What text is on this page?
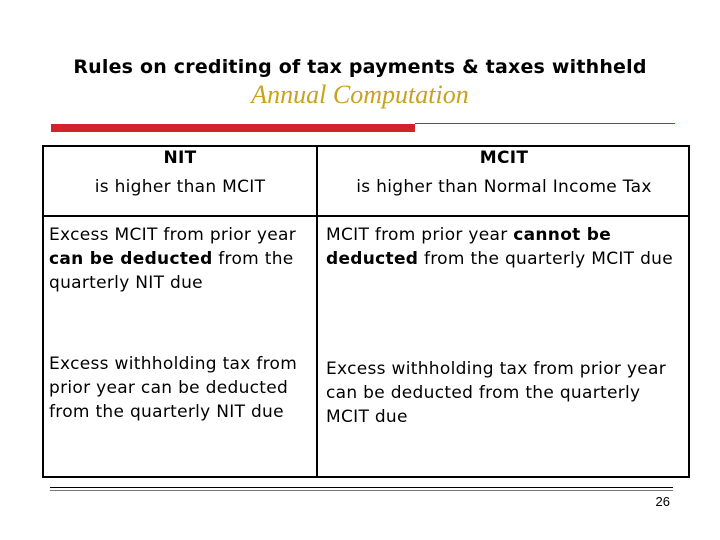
Rules on crediting of tax payments & taxes withheld
Annual Computation
NIT
is higher than MCIT
MCIT
is higher than Normal Income Tax
Excess MCIT from prior year can be deducted from the quarterly NIT due
MCIT from prior year cannot be deducted from the quarterly MCIT due
Excess withholding tax from prior year can be deducted from the quarterly NIT due
Excess withholding tax from prior year can be deducted from the quarterly MCIT due
26
